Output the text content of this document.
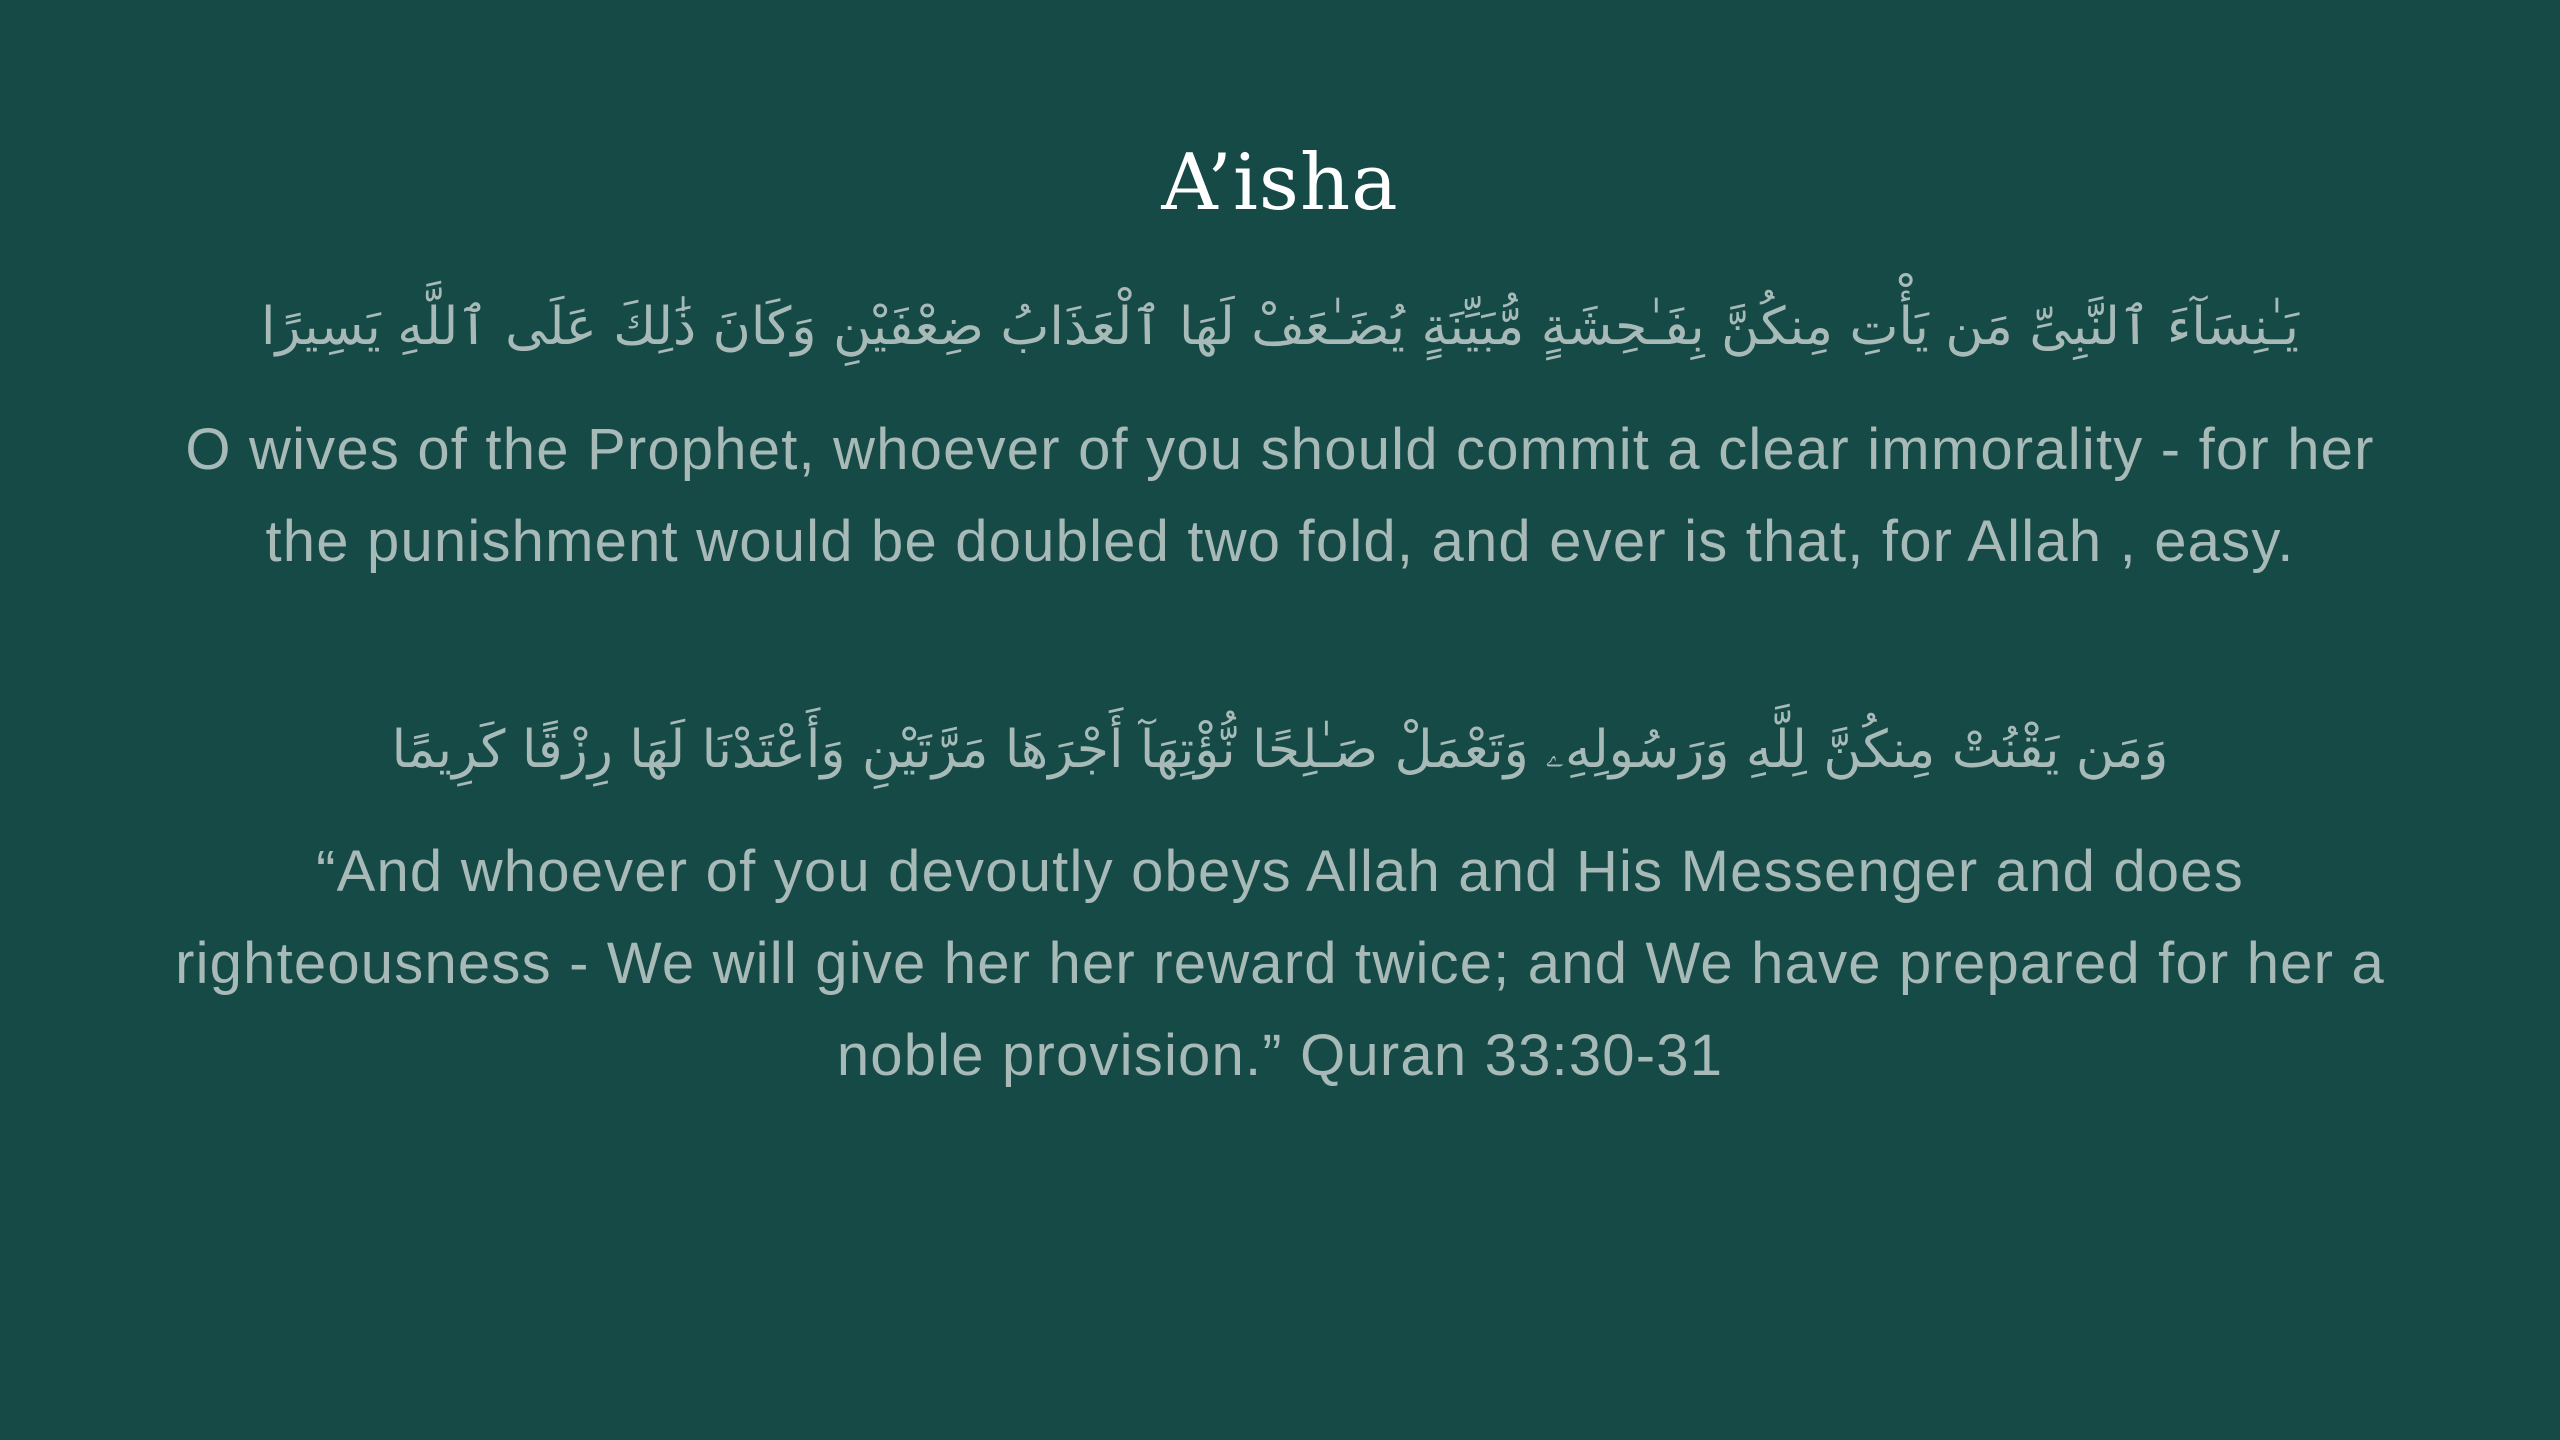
A’isha
يَـٰنِسَآءَ ٱلنَّبِىِّ مَن يَأْتِ مِنكُنَّ بِفَـٰحِشَةٍ مُّبَيِّنَةٍ يُضَـٰعَفْ لَهَا ٱلْعَذَابُ ضِعْفَيْنِ وَكَانَ ذَٰلِكَ عَلَى ٱللَّهِ يَسِيرًا
O wives of the Prophet, whoever of you should commit a clear immorality - for her the punishment would be doubled two fold, and ever is that, for Allah , easy.
وَمَن يَقْنُتْ مِنكُنَّ لِلَّهِ وَرَسُولِهِۦ وَتَعْمَلْ صَـٰلِحًا نُّؤْتِهَآ أَجْرَهَا مَرَّتَيْنِ وَأَعْتَدْنَا لَهَا رِزْقًا كَرِيمًا
“And whoever of you devoutly obeys Allah and His Messenger and does righteousness - We will give her her reward twice; and We have prepared for her a noble provision.” Quran 33:30-31
